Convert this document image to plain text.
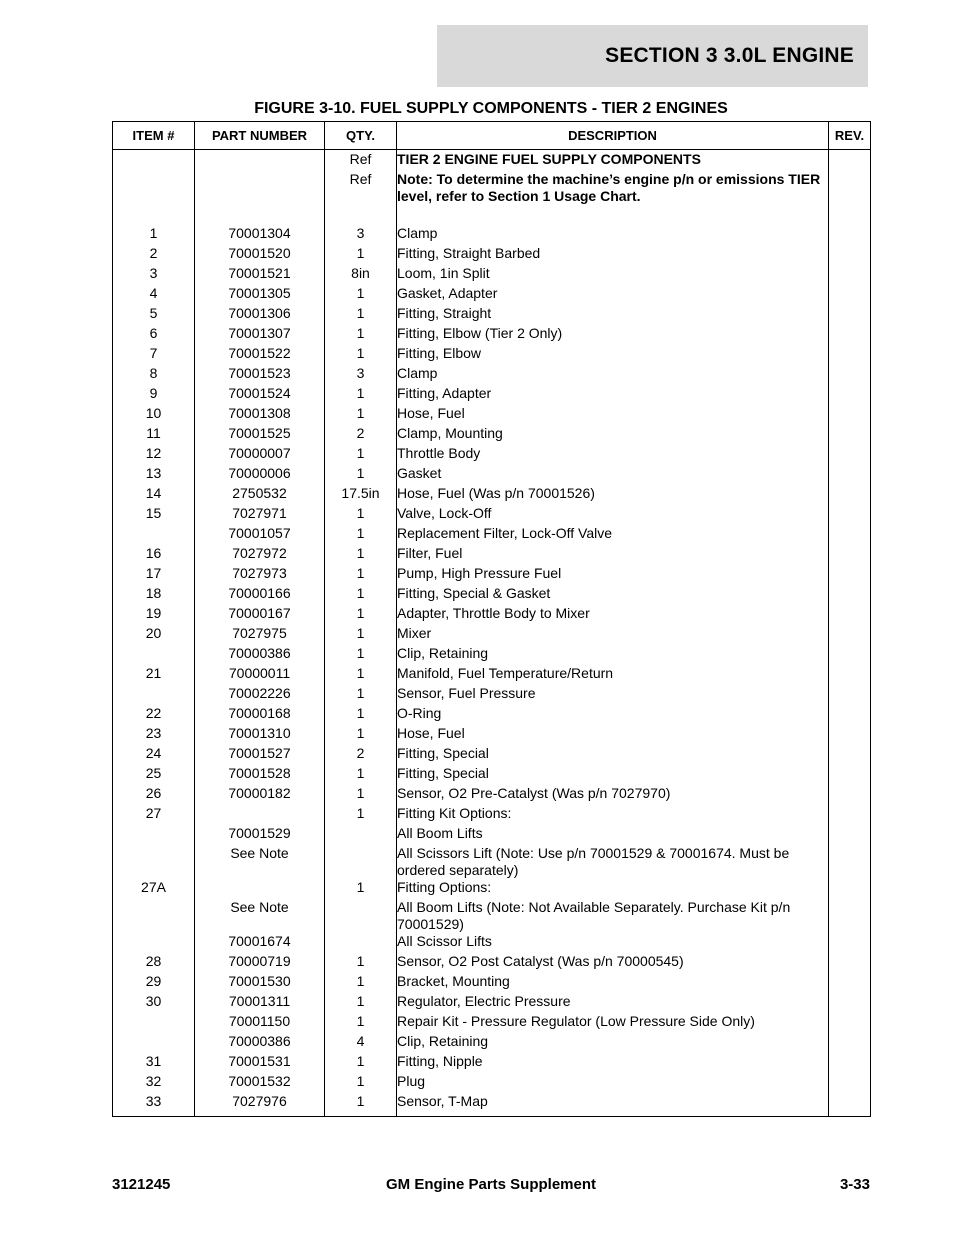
SECTION 3 3.0L ENGINE
FIGURE 3-10. FUEL SUPPLY COMPONENTS - TIER 2 ENGINES
ITEM #	PART NUMBER	QTY.	DESCRIPTION	REV.
		Ref	TIER 2 ENGINE FUEL SUPPLY COMPONENTS	
		Ref	Note: To determine the machine’s engine p/n or emissions TIER level, refer to Section 1 Usage Chart.	

1	70001304	3	Clamp	
2	70001520	1	Fitting, Straight Barbed	
3	70001521	8in	Loom, 1in Split	
4	70001305	1	Gasket, Adapter	
5	70001306	1	Fitting, Straight	
6	70001307	1	Fitting, Elbow (Tier 2 Only)	
7	70001522	1	Fitting, Elbow	
8	70001523	3	Clamp	
9	70001524	1	Fitting, Adapter	
10	70001308	1	Hose, Fuel	
11	70001525	2	Clamp, Mounting	
12	70000007	1	Throttle Body	
13	70000006	1	Gasket	
14	2750532	17.5in	Hose, Fuel (Was p/n 70001526)	
15	7027971	1	Valve, Lock-Off	
	70001057	1	Replacement Filter, Lock-Off Valve	
16	7027972	1	Filter, Fuel	
17	7027973	1	Pump, High Pressure Fuel	
18	70000166	1	Fitting, Special & Gasket	
19	70000167	1	Adapter, Throttle Body to Mixer	
20	7027975	1	Mixer	
	70000386	1	Clip, Retaining	
21	70000011	1	Manifold, Fuel Temperature/Return	
	70002226	1	Sensor, Fuel Pressure	
22	70000168	1	O-Ring	
23	70001310	1	Hose, Fuel	
24	70001527	2	Fitting, Special	
25	70001528	1	Fitting, Special	
26	70000182	1	Sensor, O2 Pre-Catalyst (Was p/n 7027970)	
27		1	Fitting Kit Options:	
	70001529		All Boom Lifts	
	See Note		All Scissors Lift (Note: Use p/n 70001529 & 70001674. Must be ordered separately)	
27A		1	Fitting Options:	
	See Note		All Boom Lifts (Note: Not Available Separately. Purchase Kit p/n 70001529)	
	70001674		All Scissor Lifts	
28	70000719	1	Sensor, O2 Post Catalyst (Was p/n 70000545)	
29	70001530	1	Bracket, Mounting	
30	70001311	1	Regulator, Electric Pressure	
	70001150	1	Repair Kit - Pressure Regulator (Low Pressure Side Only)	
	70000386	4	Clip, Retaining	
31	70001531	1	Fitting, Nipple	
32	70001532	1	Plug	
33	7027976	1	Sensor, T-Map	
3121245	GM Engine Parts Supplement	3-33
